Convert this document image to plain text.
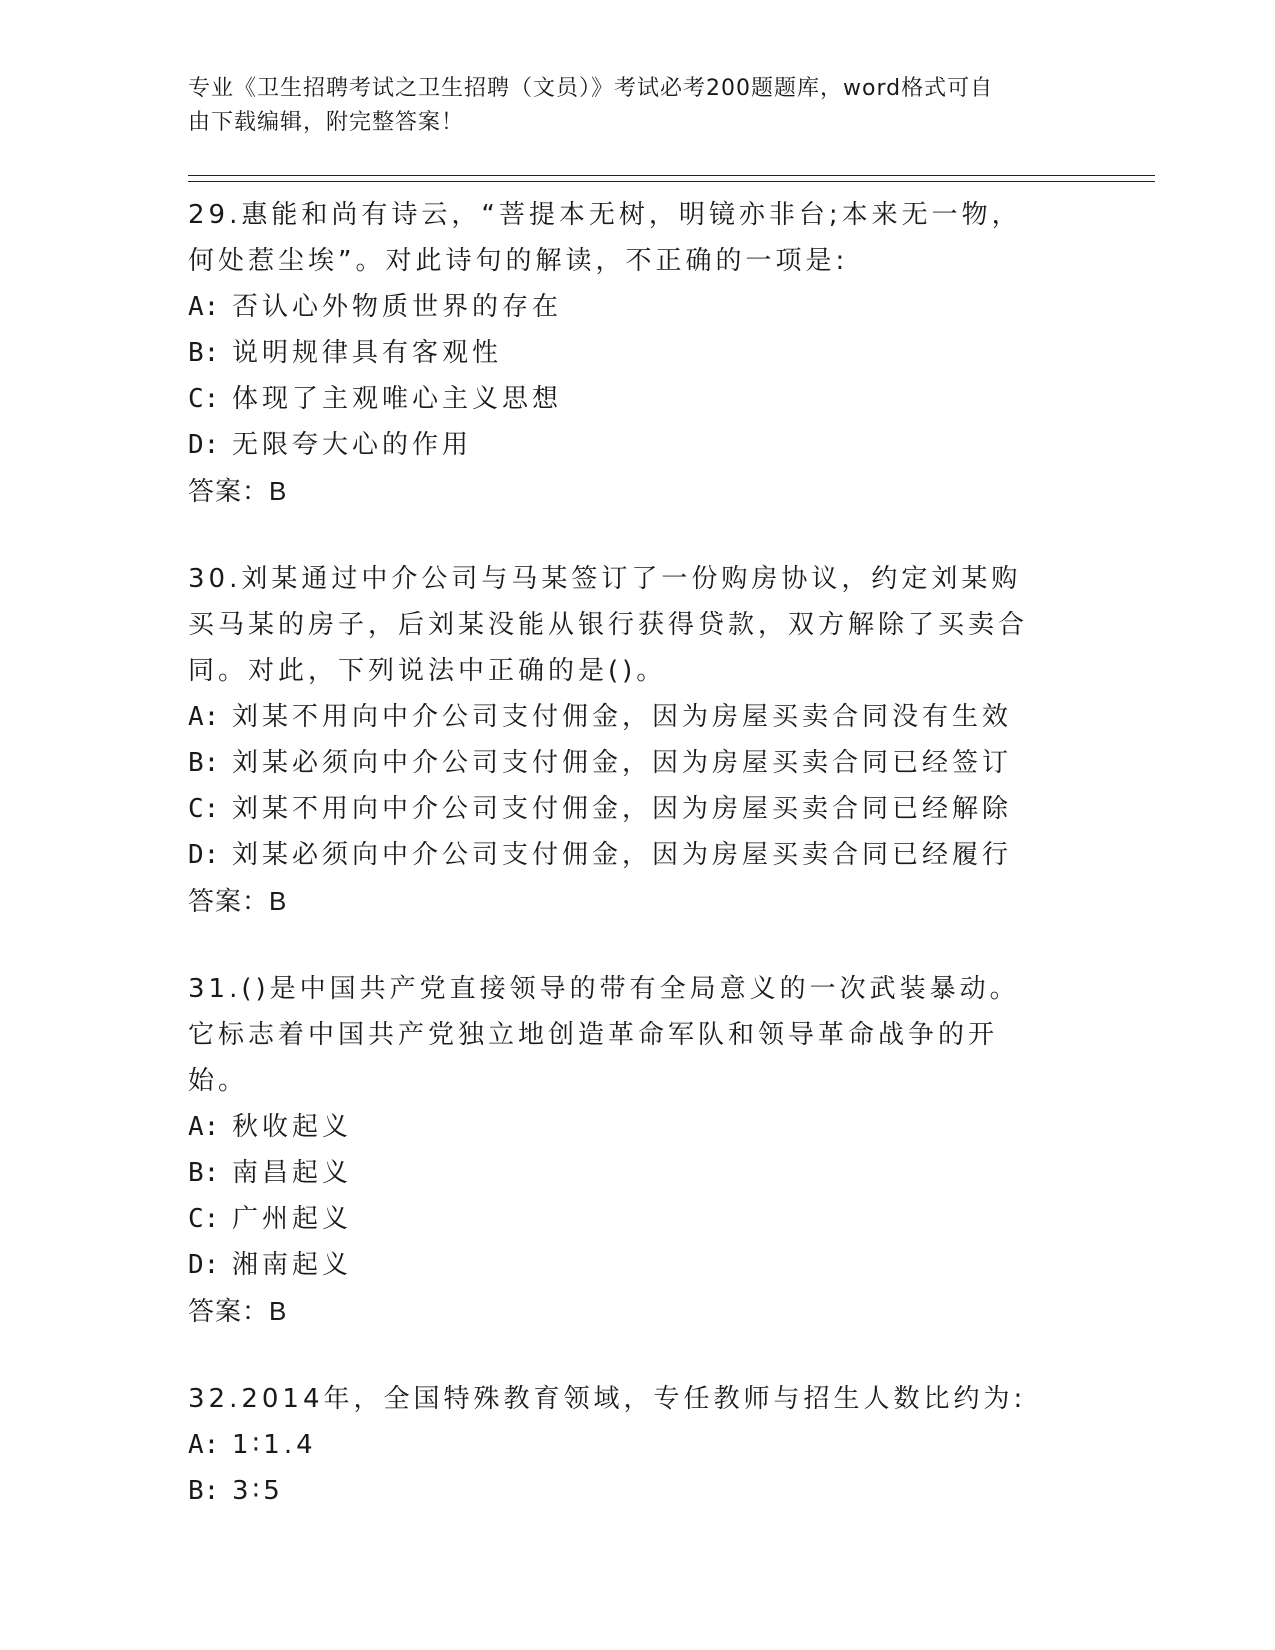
专业《卫生招聘考试之卫生招聘（文员）》考试必考200题题库，word格式可自
由下载编辑，附完整答案！

29.惠能和尚有诗云，“菩提本无树，明镜亦非台;本来无一物，何处惹尘埃”。对此诗句的解读，不正确的一项是:

A: 否认心外物质世界的存在
B: 说明规律具有客观性
C: 体现了主观唯心主义思想
D: 无限夸大心的作用

答案：B

30.刘某通过中介公司与马某签订了一份购房协议，约定刘某购买马某的房子，后刘某没能从银行获得贷款，双方解除了买卖合同。对此，下列说法中正确的是()。

A: 刘某不用向中介公司支付佣金，因为房屋买卖合同没有生效
B: 刘某必须向中介公司支付佣金，因为房屋买卖合同已经签订
C: 刘某不用向中介公司支付佣金，因为房屋买卖合同已经解除
D: 刘某必须向中介公司支付佣金，因为房屋买卖合同已经履行

答案：B

31.()是中国共产党直接领导的带有全局意义的一次武装暴动。它标志着中国共产党独立地创造革命军队和领导革命战争的开始。

A: 秋收起义
B: 南昌起义
C: 广州起义
D: 湘南起义

答案：B

32.2014年，全国特殊教育领域，专任教师与招生人数比约为:

A: 1∶1.4
B: 3∶5
